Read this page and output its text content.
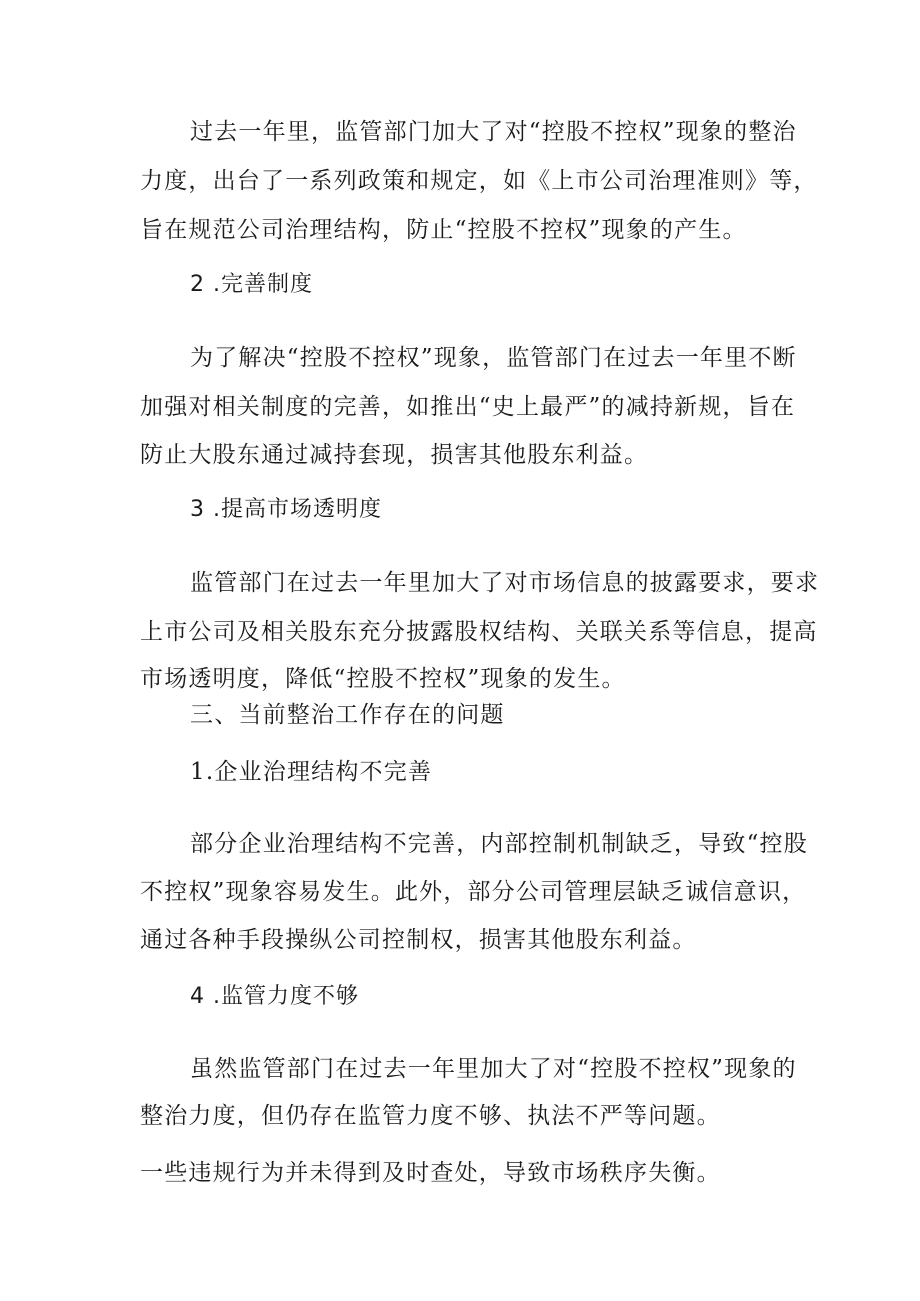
过去一年里，监管部门加大了对“控股不控权”现象的整治
力度，出台了一系列政策和规定，如《上市公司治理准则》等，
旨在规范公司治理结构，防止“控股不控权”现象的产生。
2 .完善制度
为了解决“控股不控权”现象，监管部门在过去一年里不断
加强对相关制度的完善，如推出“史上最严”的减持新规，旨在
防止大股东通过减持套现，损害其他股东利益。
3 .提高市场透明度
监管部门在过去一年里加大了对市场信息的披露要求，要求
上市公司及相关股东充分披露股权结构、关联关系等信息，提高
市场透明度，降低“控股不控权”现象的发生。
三、当前整治工作存在的问题
1.企业治理结构不完善
部分企业治理结构不完善，内部控制机制缺乏，导致“控股
不控权”现象容易发生。此外，部分公司管理层缺乏诚信意识，
通过各种手段操纵公司控制权，损害其他股东利益。
4 .监管力度不够
虽然监管部门在过去一年里加大了对“控股不控权”现象的
整治力度，但仍存在监管力度不够、执法不严等问题。
一些违规行为并未得到及时查处，导致市场秩序失衡。
